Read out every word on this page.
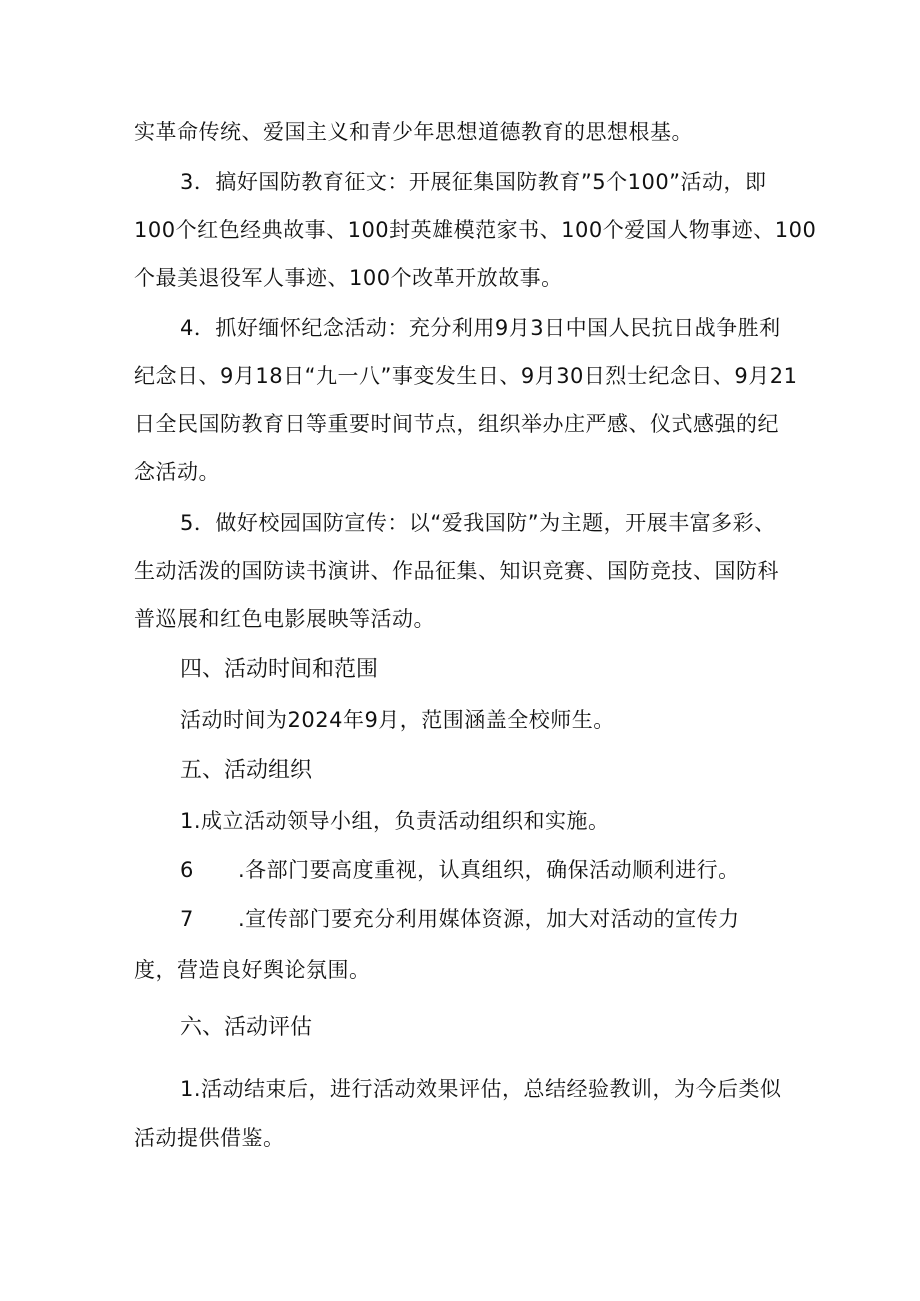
实革命传统、爱国主义和青少年思想道德教育的思想根基。
3．搞好国防教育征文：开展征集国防教育”5个100”活动，即
100个红色经典故事、100封英雄模范家书、100个爱国人物事迹、100
个最美退役军人事迹、100个改革开放故事。
4．抓好缅怀纪念活动：充分利用9月3日中国人民抗日战争胜利
纪念日、9月18日“九一八”事变发生日、9月30日烈士纪念日、9月21
日全民国防教育日等重要时间节点，组织举办庄严感、仪式感强的纪
念活动。
5．做好校园国防宣传：以“爱我国防”为主题，开展丰富多彩、
生动活泼的国防读书演讲、作品征集、知识竞赛、国防竞技、国防科
普巡展和红色电影展映等活动。
四、活动时间和范围
活动时间为2024年9月，范围涵盖全校师生。
五、活动组织
1.成立活动领导小组，负责活动组织和实施。
6 .各部门要高度重视，认真组织，确保活动顺利进行。
7 .宣传部门要充分利用媒体资源，加大对活动的宣传力
度，营造良好舆论氛围。
六、活动评估
1.活动结束后，进行活动效果评估，总结经验教训，为今后类似
活动提供借鉴。
